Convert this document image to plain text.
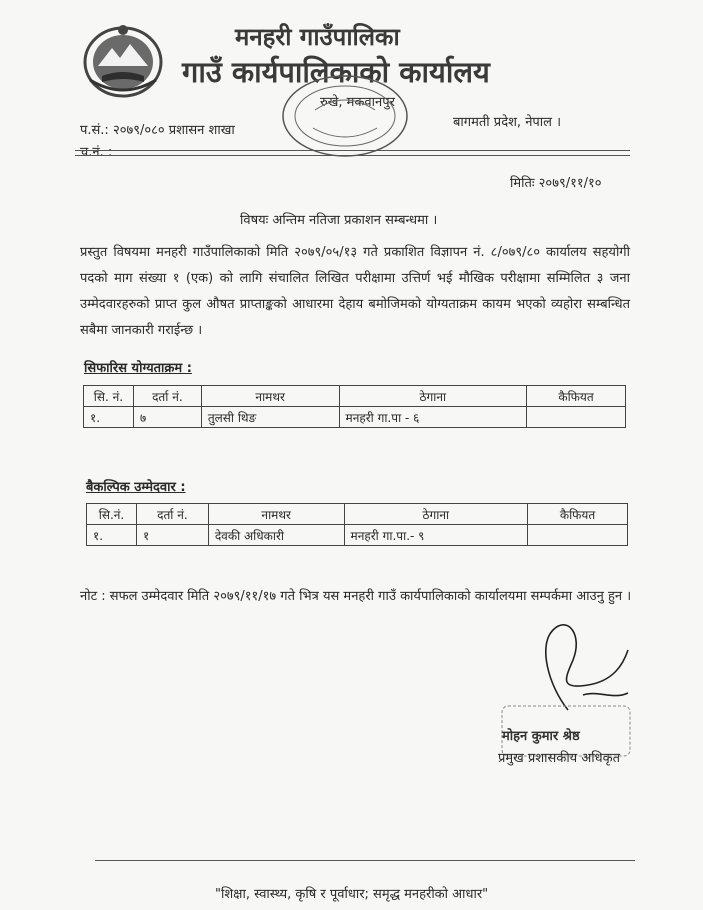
मनहरी गाउँपालिका
गाउँ कार्यपालिकाको कार्यालय
रुखे, मकवानपुर
बागमती प्रदेश, नेपाल ।
प.सं.: २०७९/०८० प्रशासन शाखा
च.नं. :
मितिः २०७९/११/१०
विषयः अन्तिम नतिजा प्रकाशन सम्बन्धमा ।
प्रस्तुत विषयमा मनहरी गाउँपालिकाको मिति २०७९/०५/१३ गते प्रकाशित विज्ञापन नं. ८/०७९/८० कार्यालय सहयोगी पदको माग संख्या १ (एक) को लागि संचालित लिखित परीक्षामा उत्तिर्ण भई मौखिक परीक्षामा सम्मिलित ३ जना उम्मेदवारहरुको प्राप्त कुल औषत प्राप्ताङ्कको आधारमा देहाय बमोजिमको योग्यताक्रम कायम भएको व्यहोरा सम्बन्धित सबैमा जानकारी गराईन्छ ।
सिफारिस योग्यताक्रम :
सि. नं.	दर्ता नं.	नामथर	ठेगाना	कैफियत
१.	७	तुलसी थिङ	मनहरी गा.पा - ६	
बैकल्पिक उम्मेदवार :
सि.नं.	दर्ता नं.	नामथर	ठेगाना	कैफियत
१.	१	देवकी अधिकारी	मनहरी गा.पा.- ९	
नोट : सफल उम्मेदवार मिति २०७९/११/१७ गते भित्र यस मनहरी गाउँ कार्यपालिकाको कार्यालयमा सम्पर्कमा आउनु हुन ।
मोहन कुमार श्रेष्ठ
प्रमुख प्रशासकीय अधिकृत
"शिक्षा, स्वास्थ्य, कृषि र पूर्वाधार; समृद्ध मनहरीको आधार"
